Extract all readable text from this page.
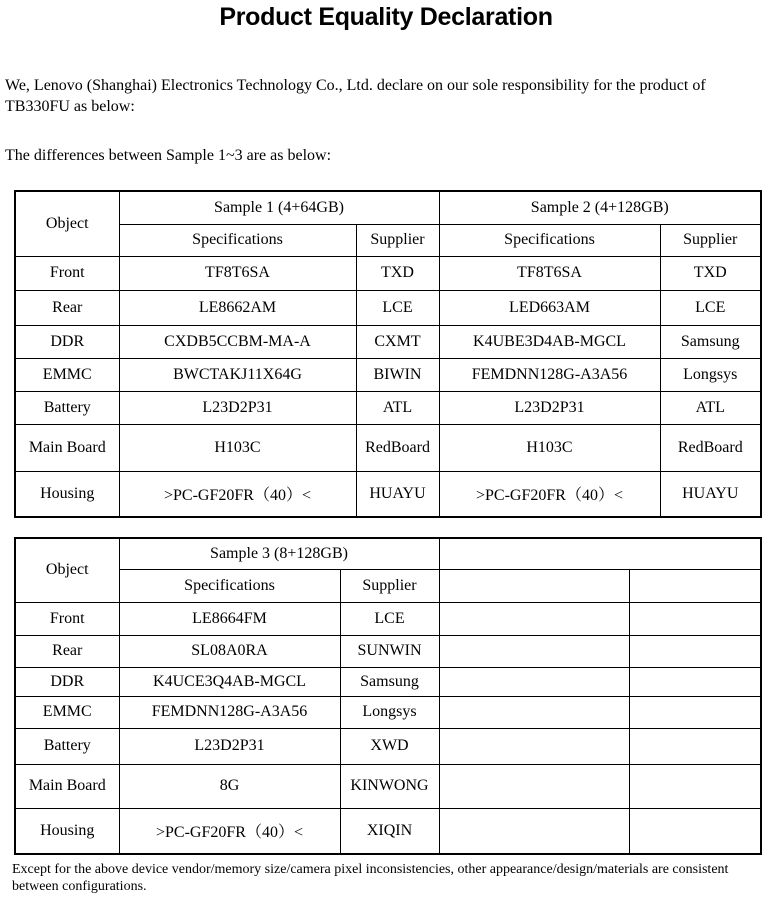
Product Equality Declaration
We, Lenovo (Shanghai) Electronics Technology Co., Ltd. declare on our sole responsibility for the product of TB330FU as below:
The differences between Sample 1~3 are as below:
Object	Sample 1 (4+64GB)		Sample 2 (4+128GB)	
	Specifications	Supplier	Specifications	Supplier
Front	TF8T6SA	TXD	TF8T6SA	TXD
Rear	LE8662AM	LCE	LED663AM	LCE
DDR	CXDB5CCBM-MA-A	CXMT	K4UBE3D4AB-MGCL	Samsung
EMMC	BWCTAKJ11X64G	BIWIN	FEMDNN128G-A3A56	Longsys
Battery	L23D2P31	ATL	L23D2P31	ATL
Main Board	H103C	RedBoard	H103C	RedBoard
Housing	>PC-GF20FR（40）<	HUAYU	>PC-GF20FR（40）<	HUAYU
Object	Sample 3 (8+128GB)			
	Specifications	Supplier		
Front	LE8664FM	LCE		
Rear	SL08A0RA	SUNWIN		
DDR	K4UCE3Q4AB-MGCL	Samsung		
EMMC	FEMDNN128G-A3A56	Longsys		
Battery	L23D2P31	XWD		
Main Board	8G	KINWONG		
Housing	>PC-GF20FR（40）<	XIQIN		
Except for the above device vendor/memory size/camera pixel inconsistencies, other appearance/design/materials are consistent between configurations.
